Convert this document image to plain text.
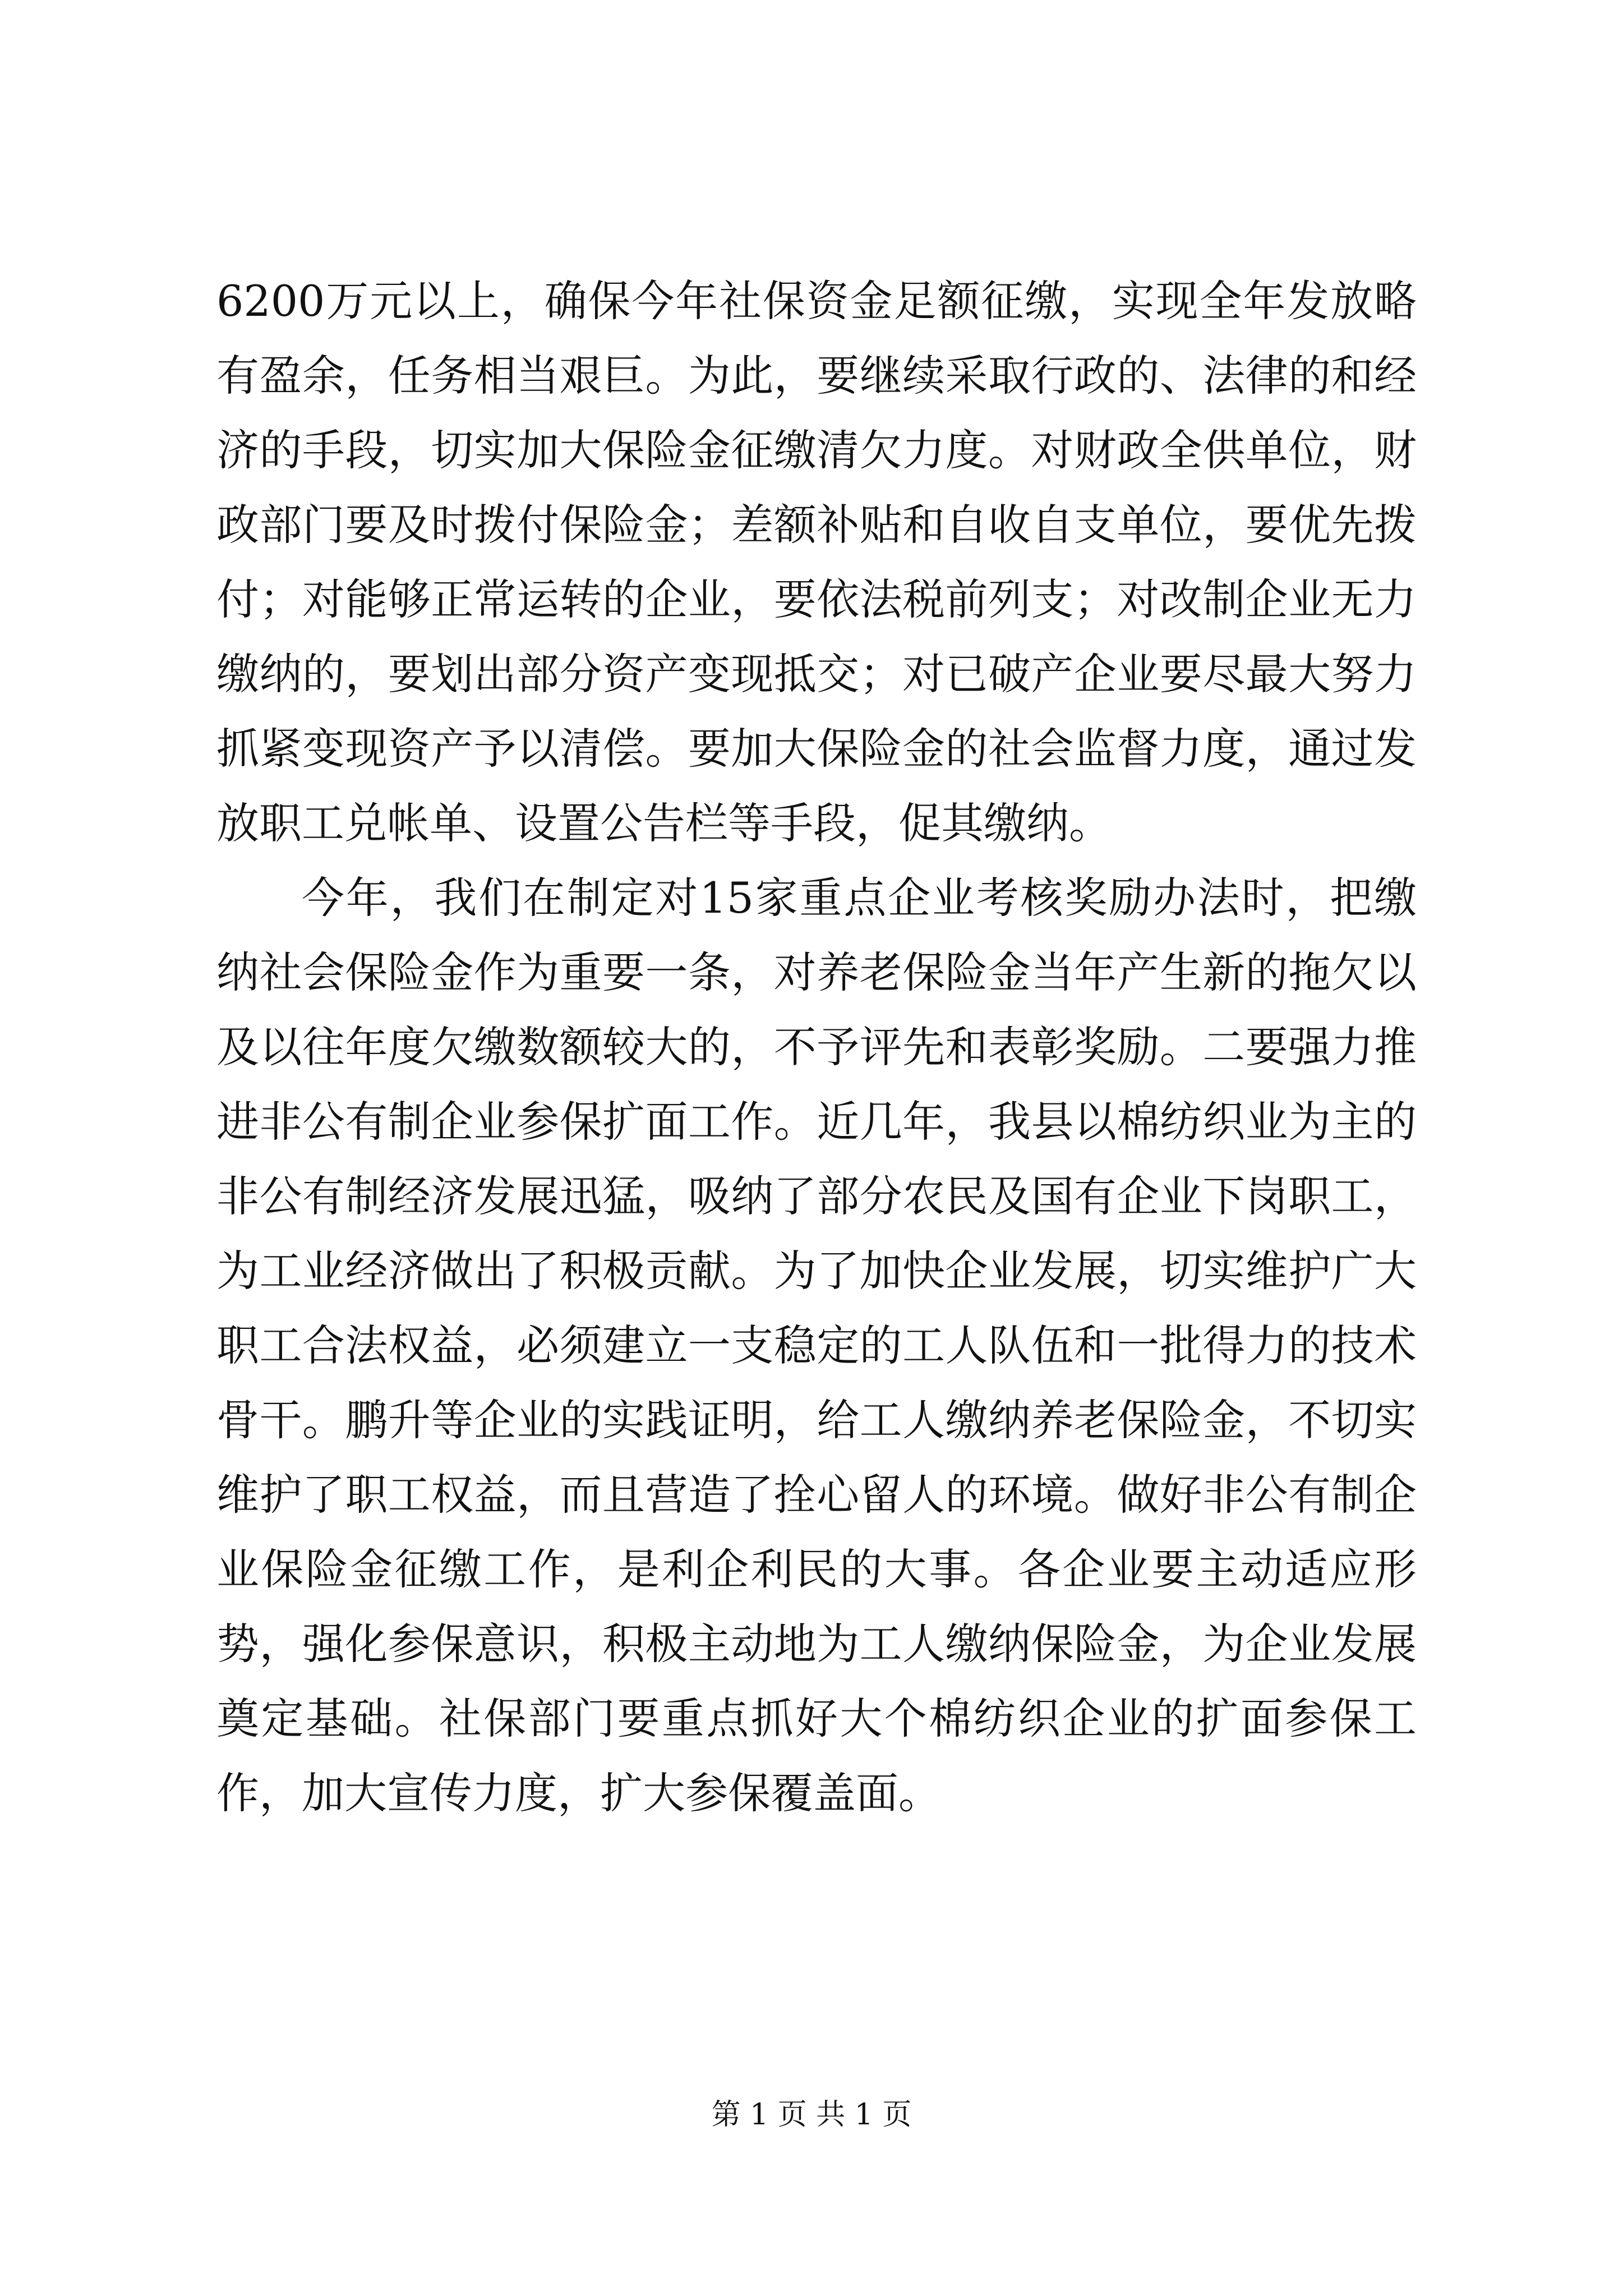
6200万元以上，确保今年社保资金足额征缴，实现全年发放略有盈余，任务相当艰巨。为此，要继续采取行政的、法律的和经济的手段，切实加大保险金征缴清欠力度。对财政全供单位，财政部门要及时拨付保险金；差额补贴和自收自支单位，要优先拨付；对能够正常运转的企业，要依法税前列支；对改制企业无力缴纳的，要划出部分资产变现抵交；对已破产企业要尽最大努力抓紧变现资产予以清偿。要加大保险金的社会监督力度，通过发放职工兑帐单、设置公告栏等手段，促其缴纳。

今年，我们在制定对15家重点企业考核奖励办法时，把缴纳社会保险金作为重要一条，对养老保险金当年产生新的拖欠以及以往年度欠缴数额较大的，不予评先和表彰奖励。二要强力推进非公有制企业参保扩面工作。近几年，我县以棉纺织业为主的非公有制经济发展迅猛，吸纳了部分农民及国有企业下岗职工，为工业经济做出了积极贡献。为了加快企业发展，切实维护广大职工合法权益，必须建立一支稳定的工人队伍和一批得力的技术骨干。鹏升等企业的实践证明，给工人缴纳养老保险金，不切实维护了职工权益，而且营造了拴心留人的环境。做好非公有制企业保险金征缴工作，是利企利民的大事。各企业要主动适应形势，强化参保意识，积极主动地为工人缴纳保险金，为企业发展奠定基础。社保部门要重点抓好大个棉纺织企业的扩面参保工作，加大宣传力度，扩大参保覆盖面。

第 1 页 共 1 页
